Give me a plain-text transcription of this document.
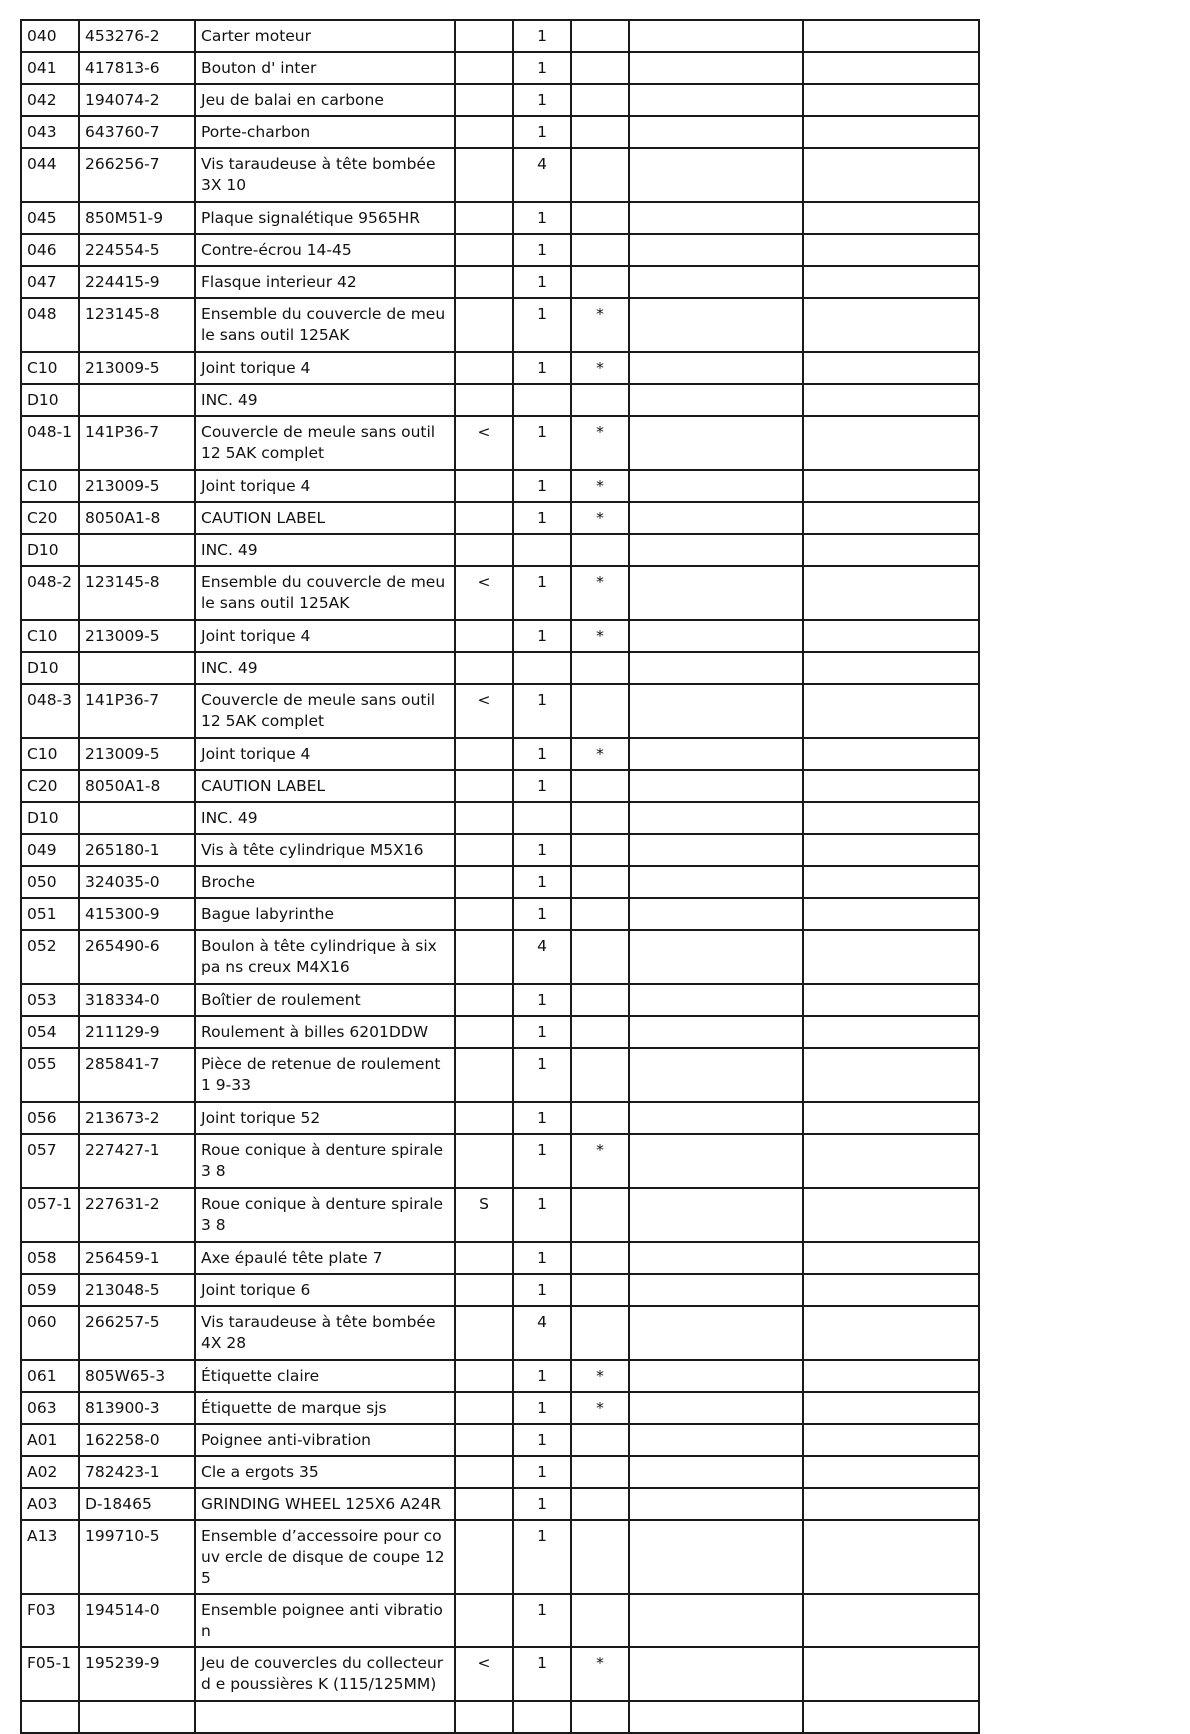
040	453276-2	Carter moteur		1			
041	417813-6	Bouton d' inter		1			
042	194074-2	Jeu de balai en carbone		1			
043	643760-7	Porte-charbon		1			
044	266256-7	Vis taraudeuse à tête bombée 3X 10		4			
045	850M51-9	Plaque signalétique 9565HR		1			
046	224554-5	Contre-écrou 14-45		1			
047	224415-9	Flasque interieur 42		1			
048	123145-8	Ensemble du couvercle de meule sans outil 125AK		1	*		
C10	213009-5	Joint torique 4		1	*		
D10		INC. 49					
048-1	141P36-7	Couvercle de meule sans outil 12 5AK complet	<	1	*		
C10	213009-5	Joint torique 4		1	*		
C20	8050A1-8	CAUTION LABEL		1	*		
D10		INC. 49					
048-2	123145-8	Ensemble du couvercle de meule sans outil 125AK	<	1	*		
C10	213009-5	Joint torique 4		1	*		
D10		INC. 49					
048-3	141P36-7	Couvercle de meule sans outil 12 5AK complet	<	1			
C10	213009-5	Joint torique 4		1	*		
C20	8050A1-8	CAUTION LABEL		1			
D10		INC. 49					
049	265180-1	Vis à tête cylindrique M5X16		1			
050	324035-0	Broche		1			
051	415300-9	Bague labyrinthe		1			
052	265490-6	Boulon à tête cylindrique à six pa ns creux M4X16		4			
053	318334-0	Boîtier de roulement		1			
054	211129-9	Roulement à billes 6201DDW		1			
055	285841-7	Pièce de retenue de roulement 1 9-33		1			
056	213673-2	Joint torique 52		1			
057	227427-1	Roue conique à denture spirale 3 8		1	*		
057-1	227631-2	Roue conique à denture spirale 3 8	S	1			
058	256459-1	Axe épaulé tête plate 7		1			
059	213048-5	Joint torique 6		1			
060	266257-5	Vis taraudeuse à tête bombée 4X 28		4			
061	805W65-3	Étiquette claire		1	*		
063	813900-3	Étiquette de marque sjs		1	*		
A01	162258-0	Poignee anti-vibration		1			
A02	782423-1	Cle a ergots 35		1			
A03	D-18465	GRINDING WHEEL 125X6 A24R		1			
A13	199710-5	Ensemble d’accessoire pour couv ercle de disque de coupe 125		1			
F03	194514-0	Ensemble poignee anti vibration		1			
F05-1	195239-9	Jeu de couvercles du collecteur d e poussières K (115/125MM)	<	1	*		
